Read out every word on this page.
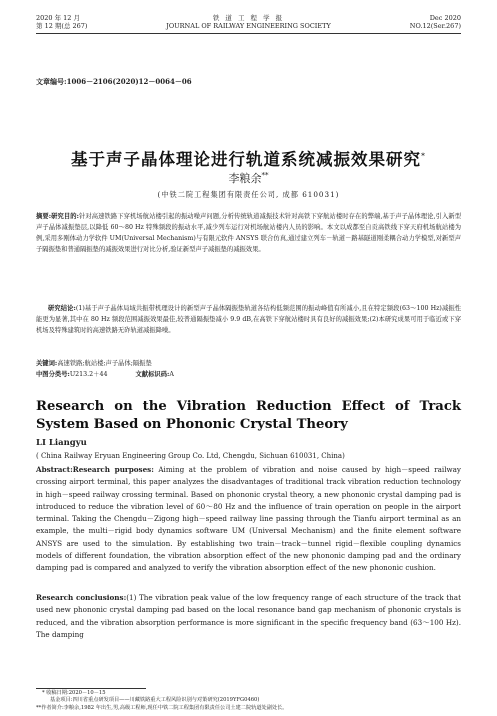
2020 年 12 月
第 12 期(总 267)
铁 道 工 程 学 报
JOURNAL OF RAILWAY ENGINEERING SOCIETY
Dec 2020
NO.12(Ser.267)
文章编号:1006－2106(2020)12－0064－06
基于声子晶体理论进行轨道系统减振效果研究*
李粮余**
(中铁二院工程集团有限责任公司, 成都 610031)
摘要:研究目的:针对高速铁路下穿机场航站楼引起的振动噪声问题,分析传统轨道减振技术针对高铁下穿航站楼时存在的弊端,基于声子晶体理论,引入新型声子晶体减振垫层,以降低 60～80 Hz 特殊频段的振动水平,减少列车运行对机场航站楼内人员的影响。本文以成都至自贡高铁线下穿天府机场航站楼为例,采用多刚体动力学软件 UM(Universal Mechanism)与有限元软件 ANSYS 联合仿真,通过建立列车－轨道－路基隧道刚柔耦合动力学模型,对新型声子隔振垫和普通隔振垫的减振效果进行对比分析,验证新型声子减振垫的减振效果。
研究结论:(1)基于声子晶体局域共振带机理设计的新型声子晶体隔振垫轨道各结构低频范围的振动峰值有所减小,且在特定频段(63～100 Hz)减振性能更为显著,其中在 80 Hz 频段范围减振效果最佳,较普通隔振垫减小 9.9 dB,在高铁下穿航站楼时具有良好的减振效果;(2)本研究成果可用于临近或下穿机场及特殊建筑时的高速铁路无砟轨道减振降噪。
关键词:高速铁路;航站楼;声子晶体;隔振垫
中图分类号:U213.2＋44	文献标识码:A
Research on the Vibration Reduction Effect of Track System Based on Phononic Crystal Theory
LI Liangyu
( China Railway Eryuan Engineering Group Co. Ltd, Chengdu, Sichuan 610031, China)
Abstract:Research purposes: Aiming at the problem of vibration and noise caused by high－speed railway crossing airport terminal, this paper analyzes the disadvantages of traditional track vibration reduction technology in high－speed railway crossing terminal. Based on phononic crystal theory, a new phononic crystal damping pad is introduced to reduce the vibration level of 60～80 Hz and the influence of train operation on people in the airport terminal. Taking the Chengdu－Zigong high－speed railway line passing through the Tianfu airport terminal as an example, the multi－rigid body dynamics software UM (Universal Mechanism) and the finite element software ANSYS are used to the simulation. By establishing two train－track－tunnel rigid－flexible coupling dynamics models of different foundation, the vibration absorption effect of the new phononic damping pad and the ordinary damping pad is compared and analyzed to verify the vibration absorption effect of the new phononic cushion.
Research conclusions:(1) The vibration peak value of the low frequency range of each structure of the track that used new phononic crystal damping pad based on the local resonance band gap mechanism of phononic crystals is reduced, and the vibration absorption performance is more significant in the specific frequency band (63～100 Hz). The damping
* 收稿日期:2020－10－15
基金项目:四川省重点研发项目——川藏铁路重大工程风险识别与对策研究(2019YFG0460)
**作者简介:李粮余,1982 年出生,男,高级工程师,现任中铁二院工程集团有限责任公司土建二院轨道处副处长。
